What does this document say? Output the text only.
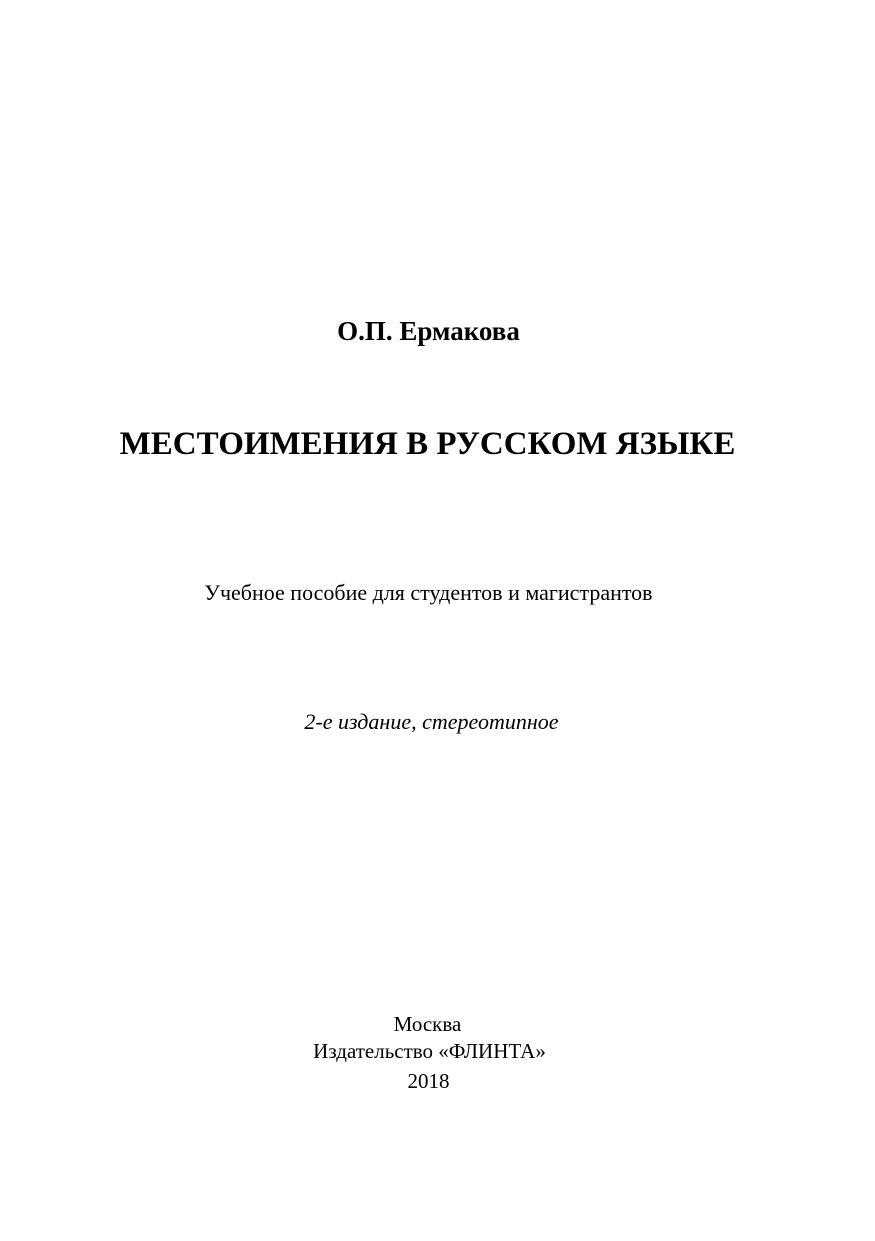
О.П. Ермакова
МЕСТОИМЕНИЯ В РУССКОМ ЯЗЫКЕ
Учебное пособие для студентов и магистрантов
2-е издание, стереотипное
Москва
Издательство «ФЛИНТА»
2018
